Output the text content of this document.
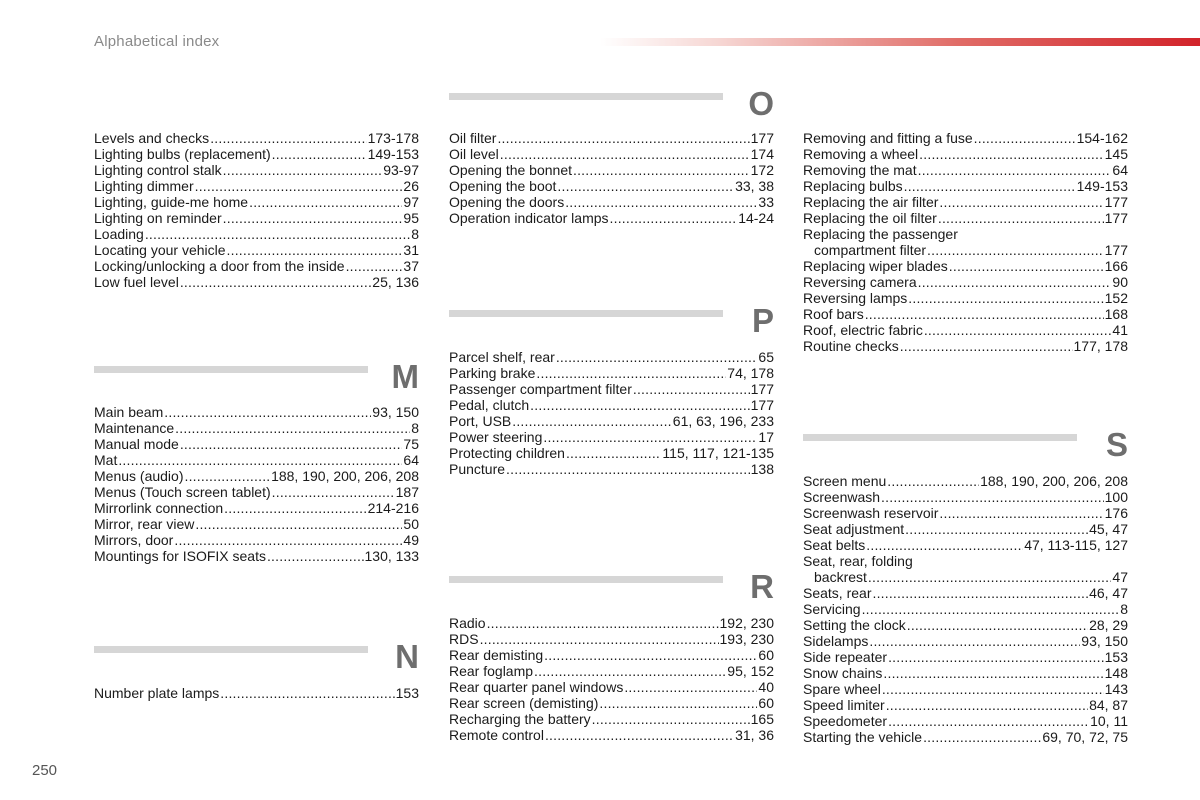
Alphabetical index
Levels and checks .....	173-178
Lighting bulbs (replacement) .....	149-153
Lighting control stalk .....	93-97
Lighting dimmer .....	26
Lighting, guide-me home .....	97
Lighting on reminder .....	95
Loading .....	8
Locating your vehicle .....	31
Locking/unlocking a door from the inside .....	37
Low fuel level .....	25, 136
M
Main beam .....	93, 150
Maintenance .....	8
Manual mode .....	75
Mat .....	64
Menus (audio) .....	188, 190, 200, 206, 208
Menus (Touch screen tablet) .....	187
Mirrorlink connection .....	214-216
Mirror, rear view .....	50
Mirrors, door .....	49
Mountings for ISOFIX seats .....	130, 133
N
Number plate lamps .....	153
O
Oil filter .....	177
Oil level .....	174
Opening the bonnet .....	172
Opening the boot .....	33, 38
Opening the doors .....	33
Operation indicator lamps .....	14-24
P
Parcel shelf, rear .....	65
Parking brake .....	74, 178
Passenger compartment filter .....	177
Pedal, clutch .....	177
Port, USB .....	61, 63, 196, 233
Power steering .....	17
Protecting children .....	115, 117, 121-135
Puncture .....	138
R
Radio .....	192, 230
RDS .....	193, 230
Rear demisting .....	60
Rear foglamp .....	95, 152
Rear quarter panel windows .....	40
Rear screen (demisting) .....	60
Recharging the battery .....	165
Remote control .....	31, 36
Removing and fitting a fuse .....	154-162
Removing a wheel .....	145
Removing the mat .....	64
Replacing bulbs .....	149-153
Replacing the air filter .....	177
Replacing the oil filter .....	177
Replacing the passenger
compartment filter .....	177
Replacing wiper blades .....	166
Reversing camera .....	90
Reversing lamps .....	152
Roof bars .....	168
Roof, electric fabric .....	41
Routine checks .....	177, 178
S
Screen menu .....	188, 190, 200, 206, 208
Screenwash .....	100
Screenwash reservoir .....	176
Seat adjustment .....	45, 47
Seat belts .....	47, 113-115, 127
Seat, rear, folding
backrest .....	47
Seats, rear .....	46, 47
Servicing .....	8
Setting the clock .....	28, 29
Sidelamps .....	93, 150
Side repeater .....	153
Snow chains .....	148
Spare wheel .....	143
Speed limiter .....	84, 87
Speedometer .....	10, 11
Starting the vehicle .....	69, 70, 72, 75
250
